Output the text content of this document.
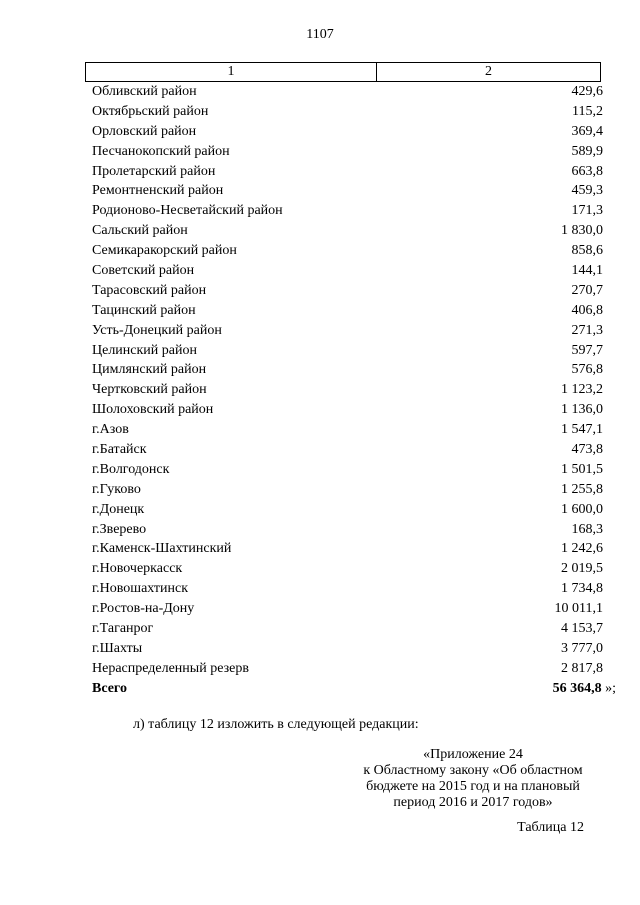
1107
1	2
Обливский район	429,6
Октябрьский район	115,2
Орловский район	369,4
Песчанокопский район	589,9
Пролетарский район	663,8
Ремонтненский район	459,3
Родионово-Несветайский район	171,3
Сальский район	1 830,0
Семикаракорский район	858,6
Советский район	144,1
Тарасовский район	270,7
Тацинский район	406,8
Усть-Донецкий район	271,3
Целинский район	597,7
Цимлянский район	576,8
Чертковский район	1 123,2
Шолоховский район	1 136,0
г.Азов	1 547,1
г.Батайск	473,8
г.Волгодонск	1 501,5
г.Гуково	1 255,8
г.Донецк	1 600,0
г.Зверево	168,3
г.Каменск-Шахтинский	1 242,6
г.Новочеркасск	2 019,5
г.Новошахтинск	1 734,8
г.Ростов-на-Дону	10 011,1
г.Таганрог	4 153,7
г.Шахты	3 777,0
Нераспределенный резерв	2 817,8
Всего	56 364,8 »;
л) таблицу 12 изложить в следующей редакции:
«Приложение 24
к Областному закону «Об областном
бюджете на 2015 год и на плановый
период 2016 и 2017 годов»
Таблица 12
